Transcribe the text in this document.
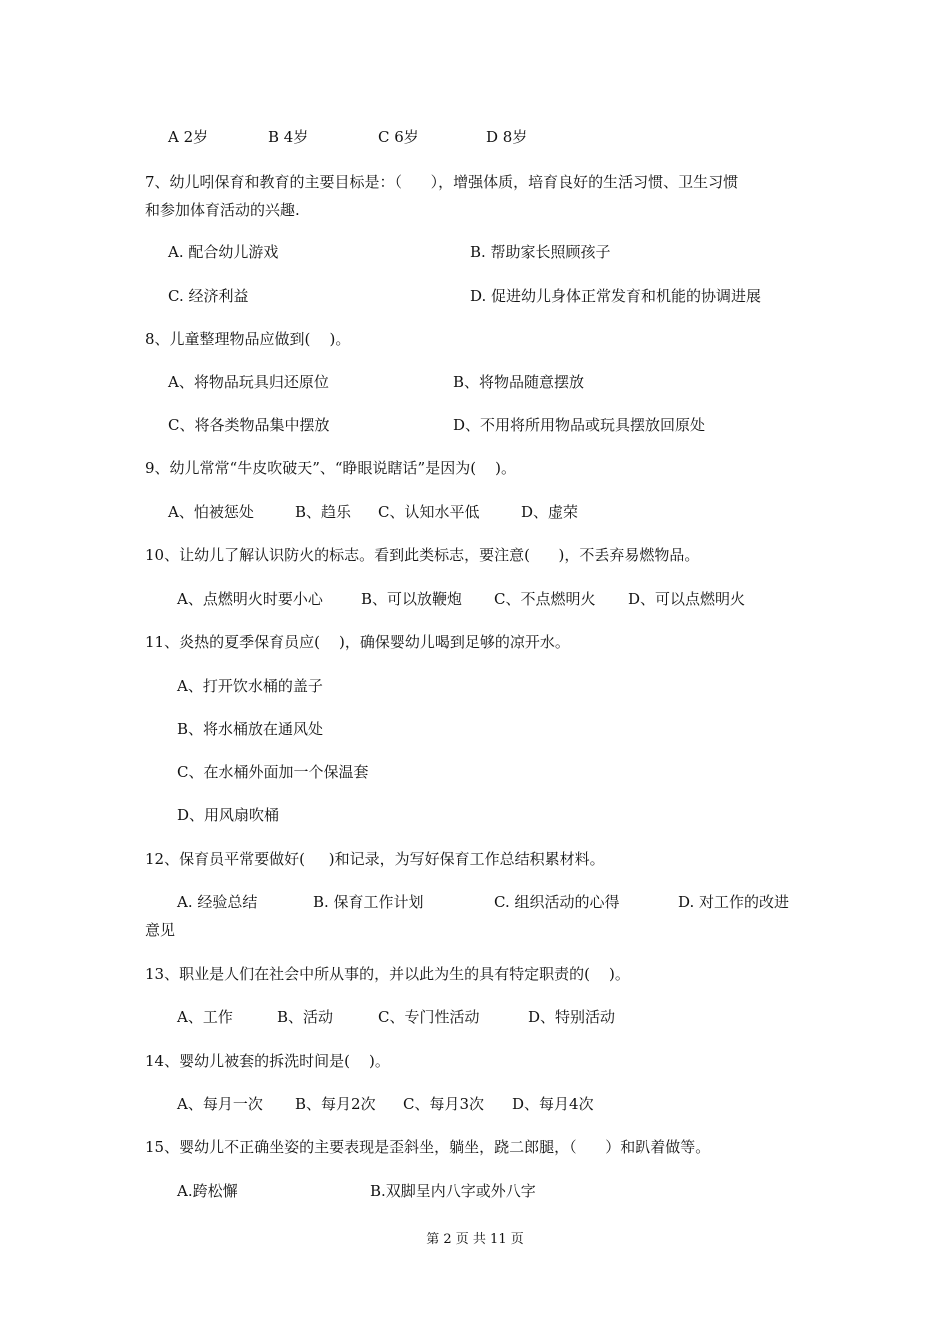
A 2岁	B 4岁	C 6岁	D 8岁
7、幼儿吲保育和教育的主要目标是：（      ），增强体质，培育良好的生活习惯、卫生习惯
和参加体育活动的兴趣.
A. 配合幼儿游戏	B. 帮助家长照顾孩子
C. 经济利益	D. 促进幼儿身体正常发育和机能的协调进展
8、儿童整理物品应做到(    )。
A、将物品玩具归还原位	B、将物品随意摆放
C、将各类物品集中摆放	D、不用将所用物品或玩具摆放回原处
9、幼儿常常“牛皮吹破天”、“睁眼说瞎话”是因为(    )。
A、怕被惩处	B、趋乐 C、认知水平低	D、虚荣
10、让幼儿了解认识防火的标志。看到此类标志，要注意(      )，不丢弃易燃物品。
A、点燃明火时要小心	B、可以放鞭炮 C、不点燃明火 D、可以点燃明火
11、炎热的夏季保育员应(    )，确保婴幼儿喝到足够的凉开水。
A、打开饮水桶的盖子
B、将水桶放在通风处
C、在水桶外面加一个保温套
D、用风扇吹桶
12、保育员平常要做好(     )和记录，为写好保育工作总结积累材料。
A. 经验总结	B. 保育工作计划	C. 组织活动的心得	D. 对工作的改进
意见
13、职业是人们在社会中所从事的，并以此为生的具有特定职责的(    )。
A、工作	B、活动	C、专门性活动	D、特别活动
14、婴幼儿被套的拆洗时间是(    )。
A、每月一次 B、每月2次 C、每月3次 D、每月4次
15、婴幼儿不正确坐姿的主要表现是歪斜坐，躺坐，跷二郎腿，（      ）和趴着做等。
A.跨松懈	B.双脚呈内八字或外八字
第 2 页 共 11 页
